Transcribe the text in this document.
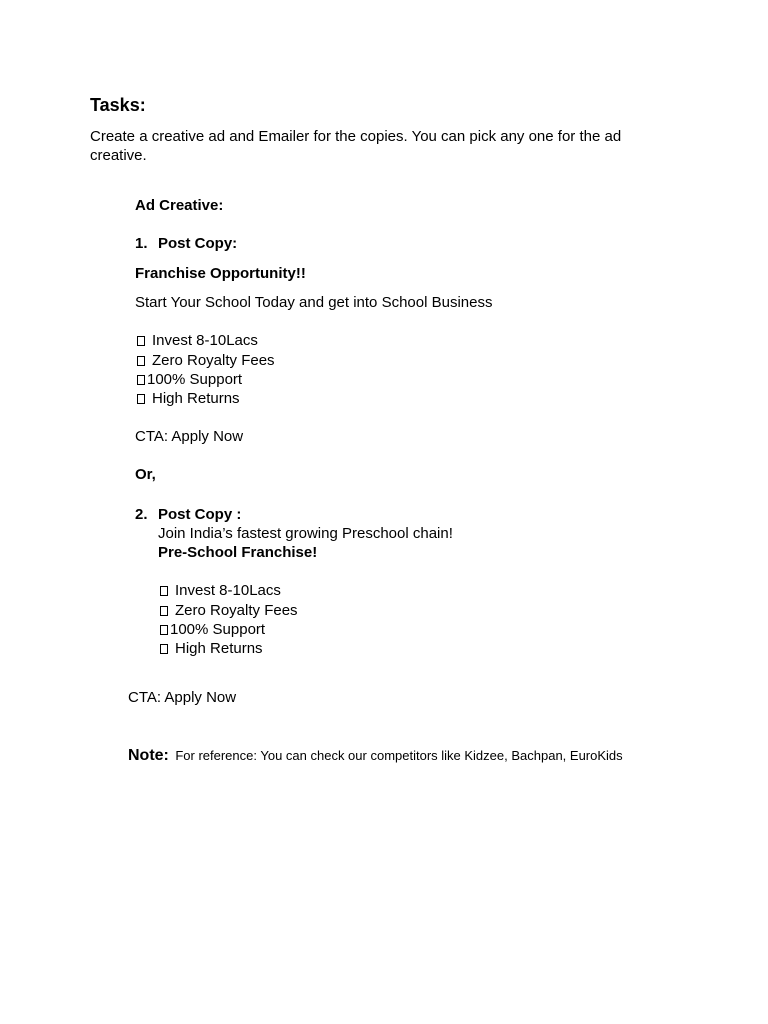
Tasks:
Create a creative ad and Emailer for the copies. You can pick any one for the ad
creative.
Ad Creative:
1. Post Copy:
Franchise Opportunity!!
Start Your School Today and get into School Business
Invest 8-10Lacs
Zero Royalty Fees
100% Support
High Returns
CTA: Apply Now
Or,
2. Post Copy :
Join India’s fastest growing Preschool chain!
Pre-School Franchise!
Invest 8-10Lacs
Zero Royalty Fees
100% Support
High Returns
CTA: Apply Now
Note: For reference: You can check our competitors like Kidzee, Bachpan, EuroKids
